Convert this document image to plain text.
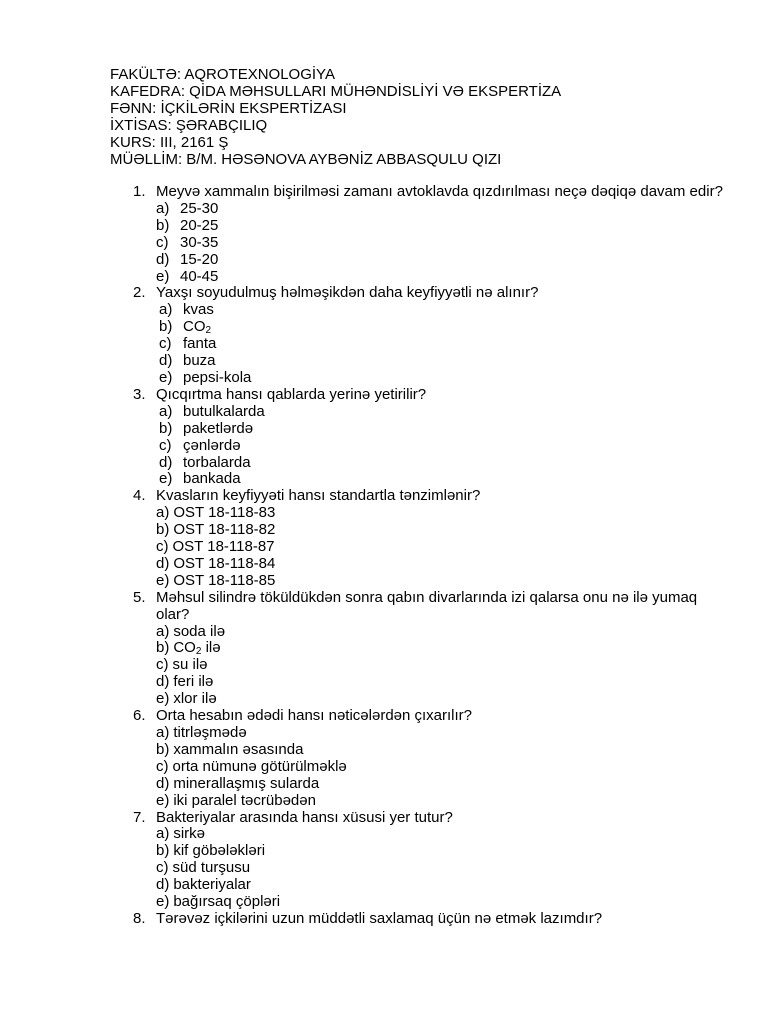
FAKÜLTƏ: AQROTEXNOLOGİYA
KAFEDRA: QİDA MƏHSULLARI MÜHƏNDİSLİYİ VƏ EKSPERTİZA
FƏNN: İÇKİLƏRİN EKSPERTİZASI
İXTİSAS: ŞƏRABÇILIQ
KURS: III, 2161 Ş
MÜƏLLİM: B/M. HƏSƏNOVA AYBƏNİZ ABBASQULU QIZI
1. Meyvə xammalın bişirilməsi zamanı avtoklavda qızdırılması neçə dəqiqə davam edir?
a) 25-30
b) 20-25
c) 30-35
d) 15-20
e) 40-45
2. Yaxşı soyudulmuş həlməşikdən daha keyfiyyətli nə alınır?
a) kvas
b) $CO_2$
c) fanta
d) buza
e) pepsi-kola
3. Qıcqırtma hansı qablarda yerinə yetirilir?
a) butulkalarda
b) paketlərdə
c) çənlərdə
d) torbalarda
e) bankada
4. Kvasların keyfiyyəti hansı standartla tənzimlənir?
a) OST 18-118-83
b) OST 18-118-82
c) OST 18-118-87
d) OST 18-118-84
e) OST 18-118-85
5. Məhsul silindrə töküldükdən sonra qabın divarlarında izi qalarsa onu nə ilə yumaq olar?
a) soda ilə
b) $CO_2$ ilə
c) su ilə
d) feri ilə
e) xlor ilə
6. Orta hesabın ədədi hansı nəticələrdən çıxarılır?
a) titrləşmədə
b) xammalın əsasında
c) orta nümunə götürülməklə
d) minerallaşmış sularda
e) iki paralel təcrübədən
7. Bakteriyalar arasında hansı xüsusi yer tutur?
a) sirkə
b) kif göbələkləri
c) süd turşusu
d) bakteriyalar
e) bağırsaq çöpləri
8. Tərəvəz içkilərini uzun müddətli saxlamaq üçün nə etmək lazımdır?
